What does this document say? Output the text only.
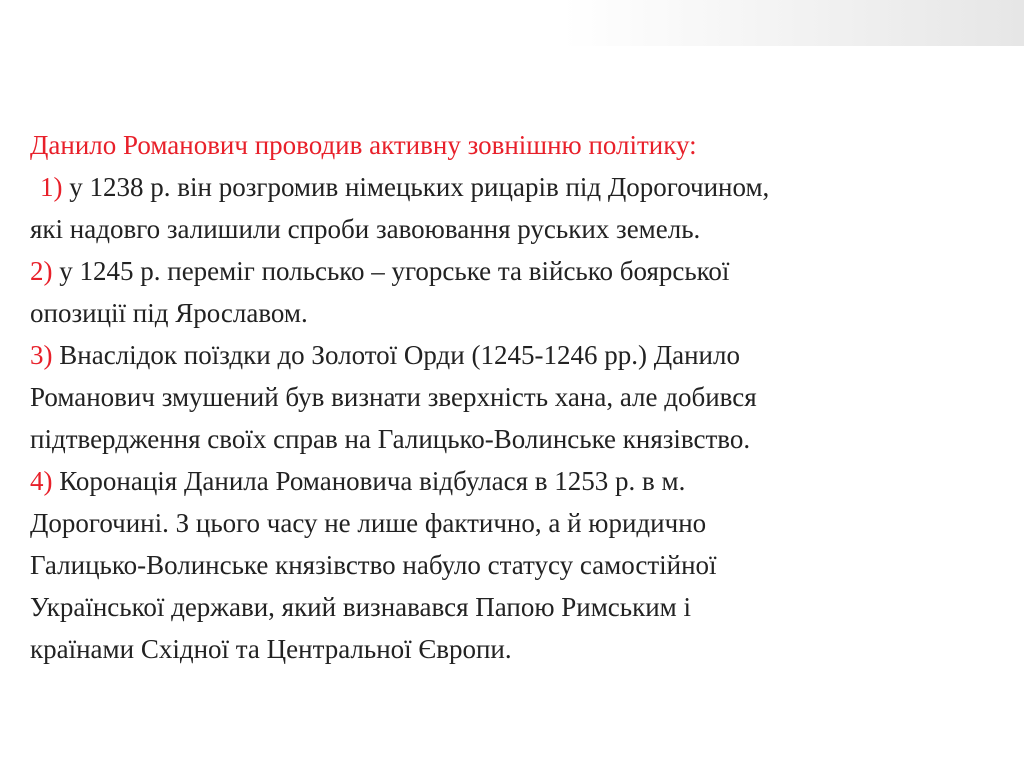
Данило Романович проводив активну зовнішню політику:
1) у 1238 р. він розгромив німецьких рицарів під Дорогочином,
які надовго залишили спроби завоювання руських земель.
2) у 1245 р. переміг польсько – угорське та військо боярської
опозиції під Ярославом.
3) Внаслідок поїздки до Золотої Орди (1245-1246 рр.) Данило
Романович змушений був визнати зверхність хана, але добився
підтвердження своїх справ на Галицько-Волинське князівство.
4) Коронація Данила Романовича відбулася в 1253 р. в м.
Дорогочині. З цього часу не лише фактично, а й юридично
Галицько-Волинське князівство набуло статусу самостійної
Української держави, який визнавався Папою Римським і
країнами Східної та Центральної Європи.
